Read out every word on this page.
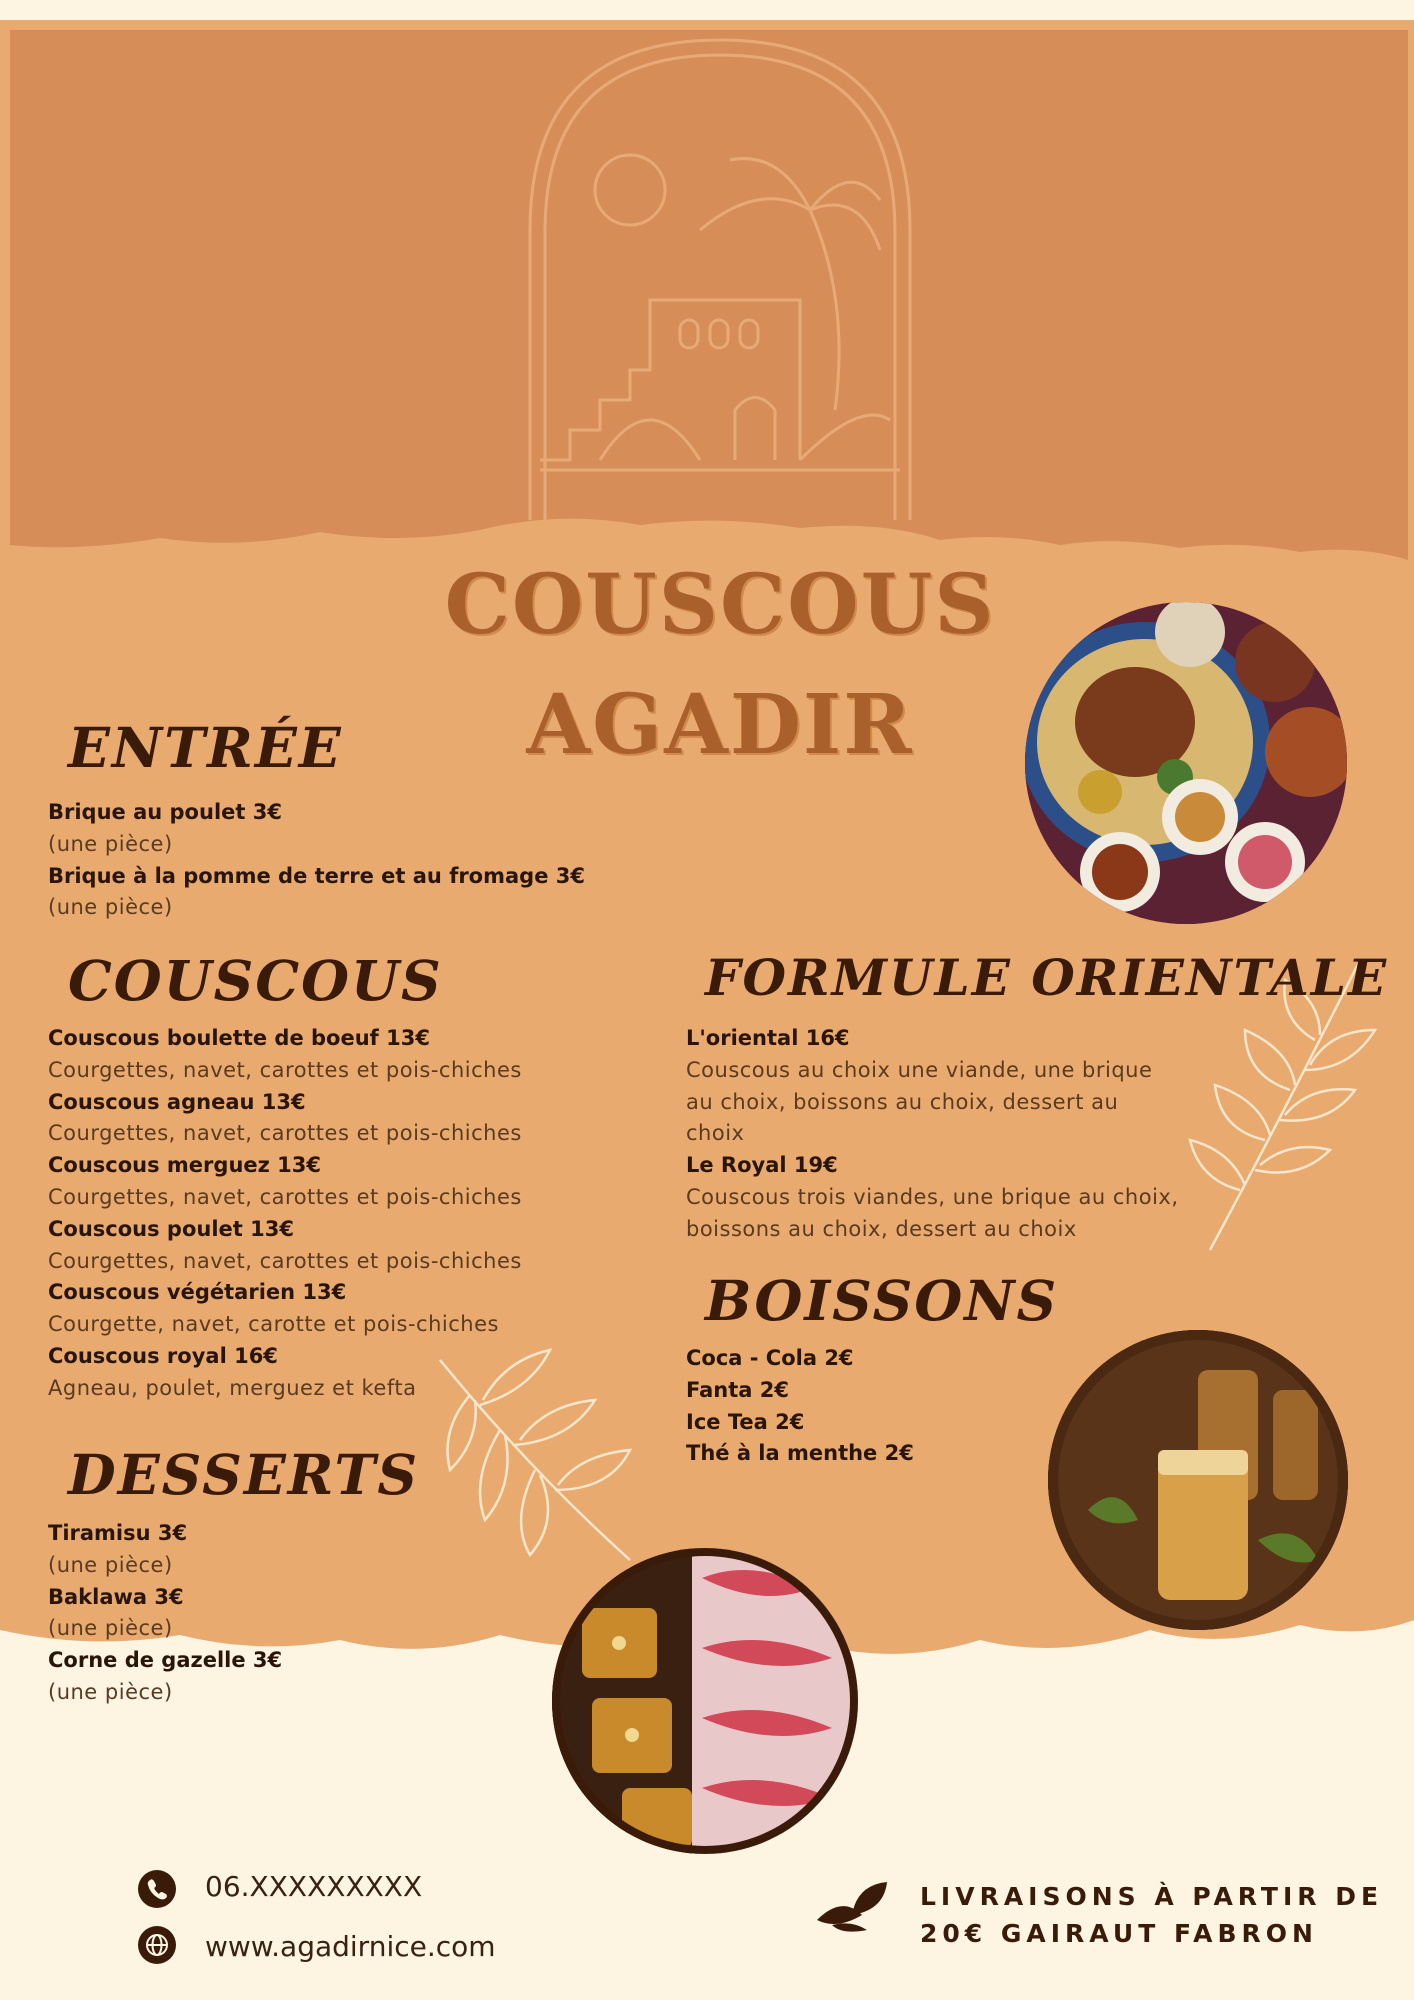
COUSCOUS
AGADIR
ENTRÉE
Brique au poulet 3€
(une pièce)
Brique à la pomme de terre et au fromage 3€
(une pièce)
COUSCOUS
Couscous boulette de boeuf 13€
Courgettes, navet, carottes et pois-chiches
Couscous agneau 13€
Courgettes, navet, carottes et pois-chiches
Couscous merguez 13€
Courgettes, navet, carottes et pois-chiches
Couscous poulet 13€
Courgettes, navet, carottes et pois-chiches
Couscous végétarien 13€
Courgette, navet, carotte et pois-chiches
Couscous royal 16€
Agneau, poulet, merguez et kefta
DESSERTS
Tiramisu 3€
(une pièce)
Baklawa 3€
(une pièce)
Corne de gazelle 3€
(une pièce)
FORMULE ORIENTALE
L'oriental 16€
Couscous au choix une viande, une brique
au choix, boissons au choix, dessert au
choix
Le Royal 19€
Couscous trois viandes, une brique au choix,
boissons au choix, dessert au choix
BOISSONS
Coca - Cola 2€
Fanta 2€
Ice Tea 2€
Thé à la menthe 2€
06.XXXXXXXXX
www.agadirnice.com
LIVRAISONS À PARTIR DE
20€ GAIRAUT FABRON
